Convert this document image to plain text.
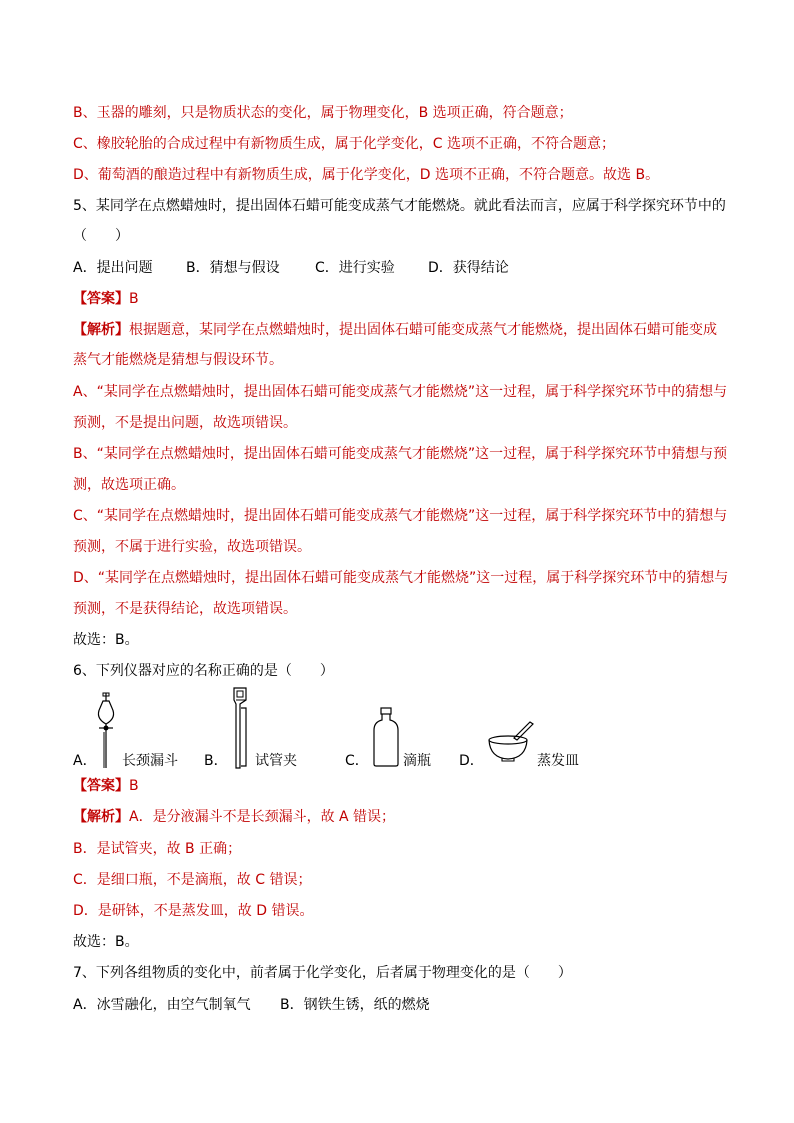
B、玉器的雕刻，只是物质状态的变化，属于物理变化，B 选项正确，符合题意；
C、橡胶轮胎的合成过程中有新物质生成，属于化学变化，C 选项不正确，不符合题意；
D、葡萄酒的酿造过程中有新物质生成，属于化学变化，D 选项不正确，不符合题意。故选 B。
5、某同学在点燃蜡烛时，提出固体石蜡可能变成蒸气才能燃烧。就此看法而言，应属于科学探究环节中的
（　　）
A．提出问题 B．猜想与假设	C．进行实验 D．获得结论
【答案】B
【解析】根据题意，某同学在点燃蜡烛时，提出固体石蜡可能变成蒸气才能燃烧，提出固体石蜡可能变成
蒸气才能燃烧是猜想与假设环节。
A、“某同学在点燃蜡烛时，提出固体石蜡可能变成蒸气才能燃烧”这一过程，属于科学探究环节中的猜想与
预测，不是提出问题，故选项错误。
B、“某同学在点燃蜡烛时，提出固体石蜡可能变成蒸气才能燃烧”这一过程，属于科学探究环节中猜想与预
测，故选项正确。
C、“某同学在点燃蜡烛时，提出固体石蜡可能变成蒸气才能燃烧”这一过程，属于科学探究环节中的猜想与
预测，不属于进行实验，故选项错误。
D、“某同学在点燃蜡烛时，提出固体石蜡可能变成蒸气才能燃烧”这一过程，属于科学探究环节中的猜想与
预测，不是获得结论，故选项错误。
故选：B。
6、下列仪器对应的名称正确的是（　　）
A． 长颈漏斗 B． 试管夹	C． 滴瓶 D．	蒸发皿
【答案】B
【解析】A．是分液漏斗不是长颈漏斗，故 A 错误；
B．是试管夹，故 B 正确；
C．是细口瓶，不是滴瓶，故 C 错误；
D．是研钵，不是蒸发皿，故 D 错误。
故选：B。
7、下列各组物质的变化中，前者属于化学变化，后者属于物理变化的是（　　）
A．冰雪融化，由空气制氧气 B．钢铁生锈，纸的燃烧
